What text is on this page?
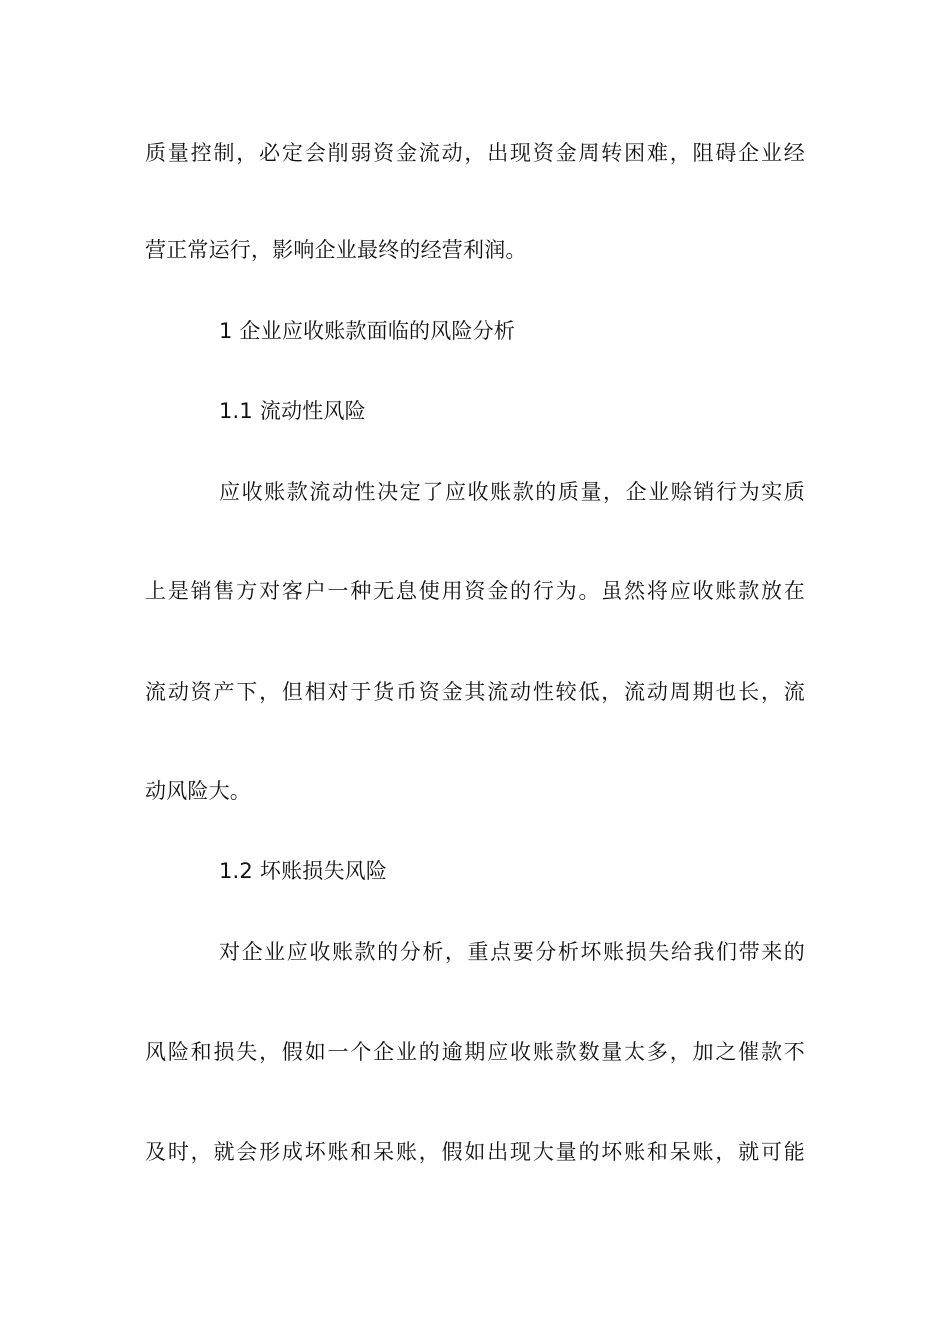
质量控制，必定会削弱资金流动，出现资金周转困难，阻碍企业经
营正常运行，影响企业最终的经营利润。
1 企业应收账款面临的风险分析
1.1 流动性风险
应收账款流动性决定了应收账款的质量，企业赊销行为实质
上是销售方对客户一种无息使用资金的行为。虽然将应收账款放在
流动资产下，但相对于货币资金其流动性较低，流动周期也长，流
动风险大。
1.2 坏账损失风险
对企业应收账款的分析，重点要分析坏账损失给我们带来的
风险和损失，假如一个企业的逾期应收账款数量太多，加之催款不
及时，就会形成坏账和呆账，假如出现大量的坏账和呆账，就可能
